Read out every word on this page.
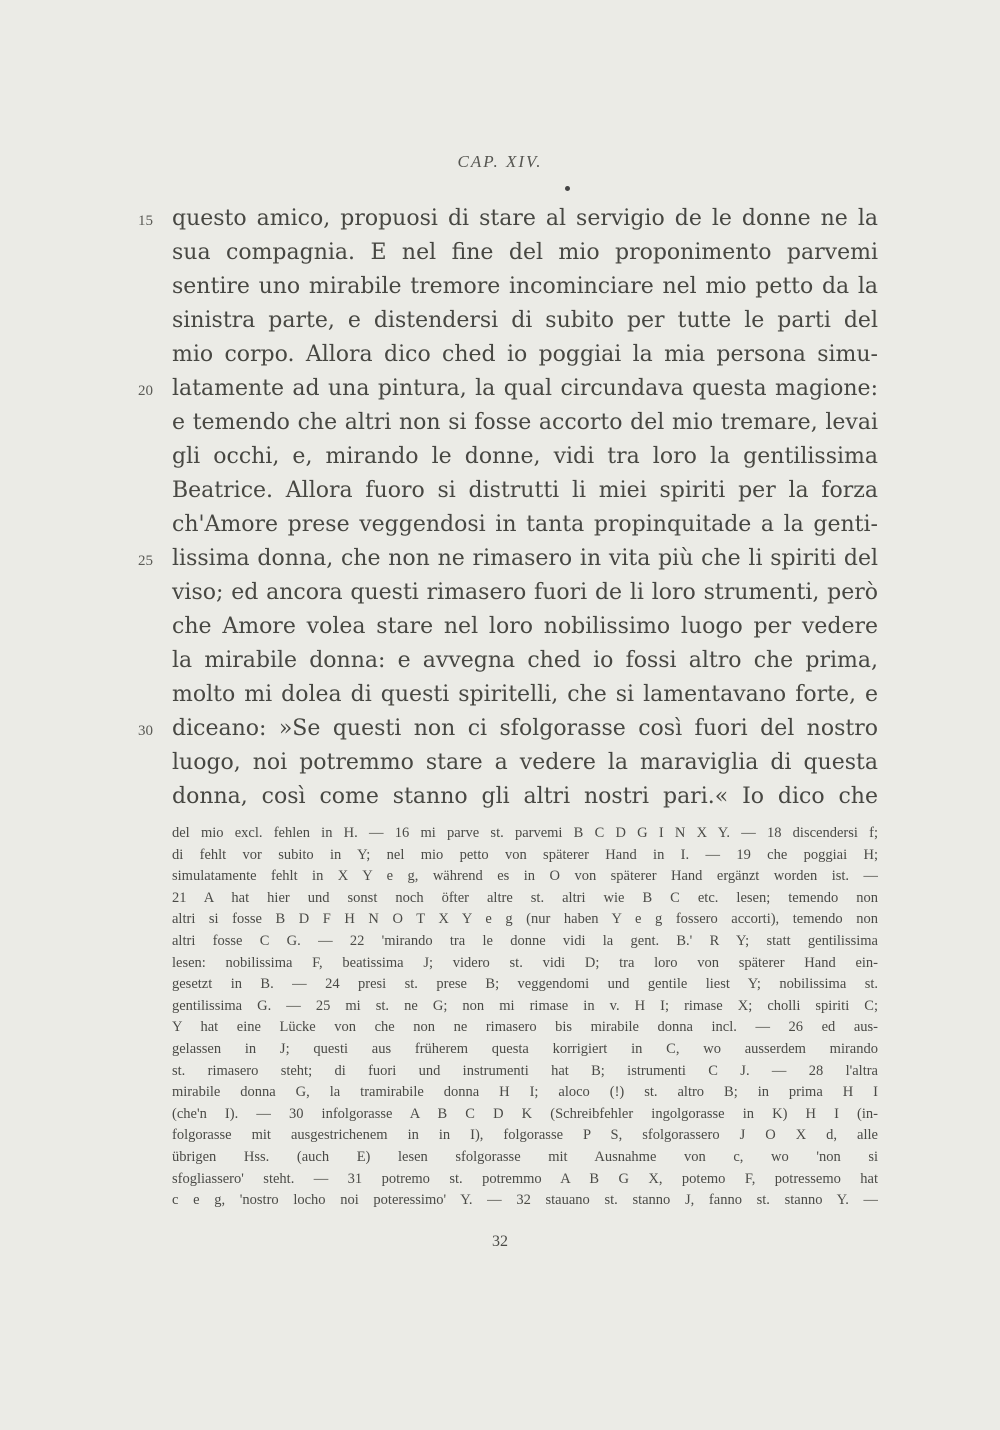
CAP. XIV.
15 questo amico, propuosi di stare al servigio de le donne ne la
sua compagnia. E nel fine del mio proponimento parvemi
sentire uno mirabile tremore incominciare nel mio petto da la
sinistra parte, e distendersi di subito per tutte le parti del
mio corpo. Allora dico ched io poggiai la mia persona simu-
20 latamente ad una pintura, la qual circundava questa magione:
e temendo che altri non si fosse accorto del mio tremare, levai
gli occhi, e, mirando le donne, vidi tra loro la gentilissima
Beatrice. Allora fuoro si distrutti li miei spiriti per la forza
ch'Amore prese veggendosi in tanta propinquitade a la genti-
25 lissima donna, che non ne rimasero in vita più che li spiriti del
viso; ed ancora questi rimasero fuori de li loro strumenti, però
che Amore volea stare nel loro nobilissimo luogo per vedere
la mirabile donna: e avvegna ched io fossi altro che prima,
molto mi dolea di questi spiritelli, che si lamentavano forte, e
30 diceano: »Se questi non ci sfolgorasse così fuori del nostro
luogo, noi potremmo stare a vedere la maraviglia di questa
donna, così come stanno gli altri nostri pari.« Io dico che
del mio excl. fehlen in H. — 16 mi parve st. parvemi B C D G I N X Y. — 18 discendersi f;
di fehlt vor subito in Y; nel mio petto von späterer Hand in I. — 19 che poggiai H;
simulatamente fehlt in X Y e g, während es in O von späterer Hand ergänzt worden ist. —
21 A hat hier und sonst noch öfter altre st. altri wie B C etc. lesen; temendo non
altri si fosse B D F H N O T X Y e g (nur haben Y e g fossero accorti), temendo non
altri fosse C G. — 22 'mirando tra le donne vidi la gent. B.' R Y; statt gentilissima
lesen: nobilissima F, beatissima J; videro st. vidi D; tra loro von späterer Hand ein-
gesetzt in B. — 24 presi st. prese B; veggendomi und gentile liest Y; nobilissima st.
gentilissima G. — 25 mi st. ne G; non mi rimase in v. H I; rimase X; cholli spiriti C;
Y hat eine Lücke von che non ne rimasero bis mirabile donna incl. — 26 ed aus-
gelassen in J; questi aus früherem questa korrigiert in C, wo ausserdem mirando
st. rimasero steht; di fuori und instrumenti hat B; istrumenti C J. — 28 l'altra
mirabile donna G, la tramirabile donna H I; aloco (!) st. altro B; in prima H I
(che'n I). — 30 infolgorasse A B C D K (Schreibfehler ingolgorasse in K) H I (in-
folgorasse mit ausgestrichenem in in I), folgorasse P S, sfolgorassero J O X d, alle
übrigen Hss. (auch E) lesen sfolgorasse mit Ausnahme von c, wo 'non si
sfogliassero' steht. — 31 potremo st. potremmo A B G X, potemo F, potressemo hat
c e g, 'nostro locho noi poteressimo' Y. — 32 stauano st. stanno J, fanno st. stanno Y. —
32
